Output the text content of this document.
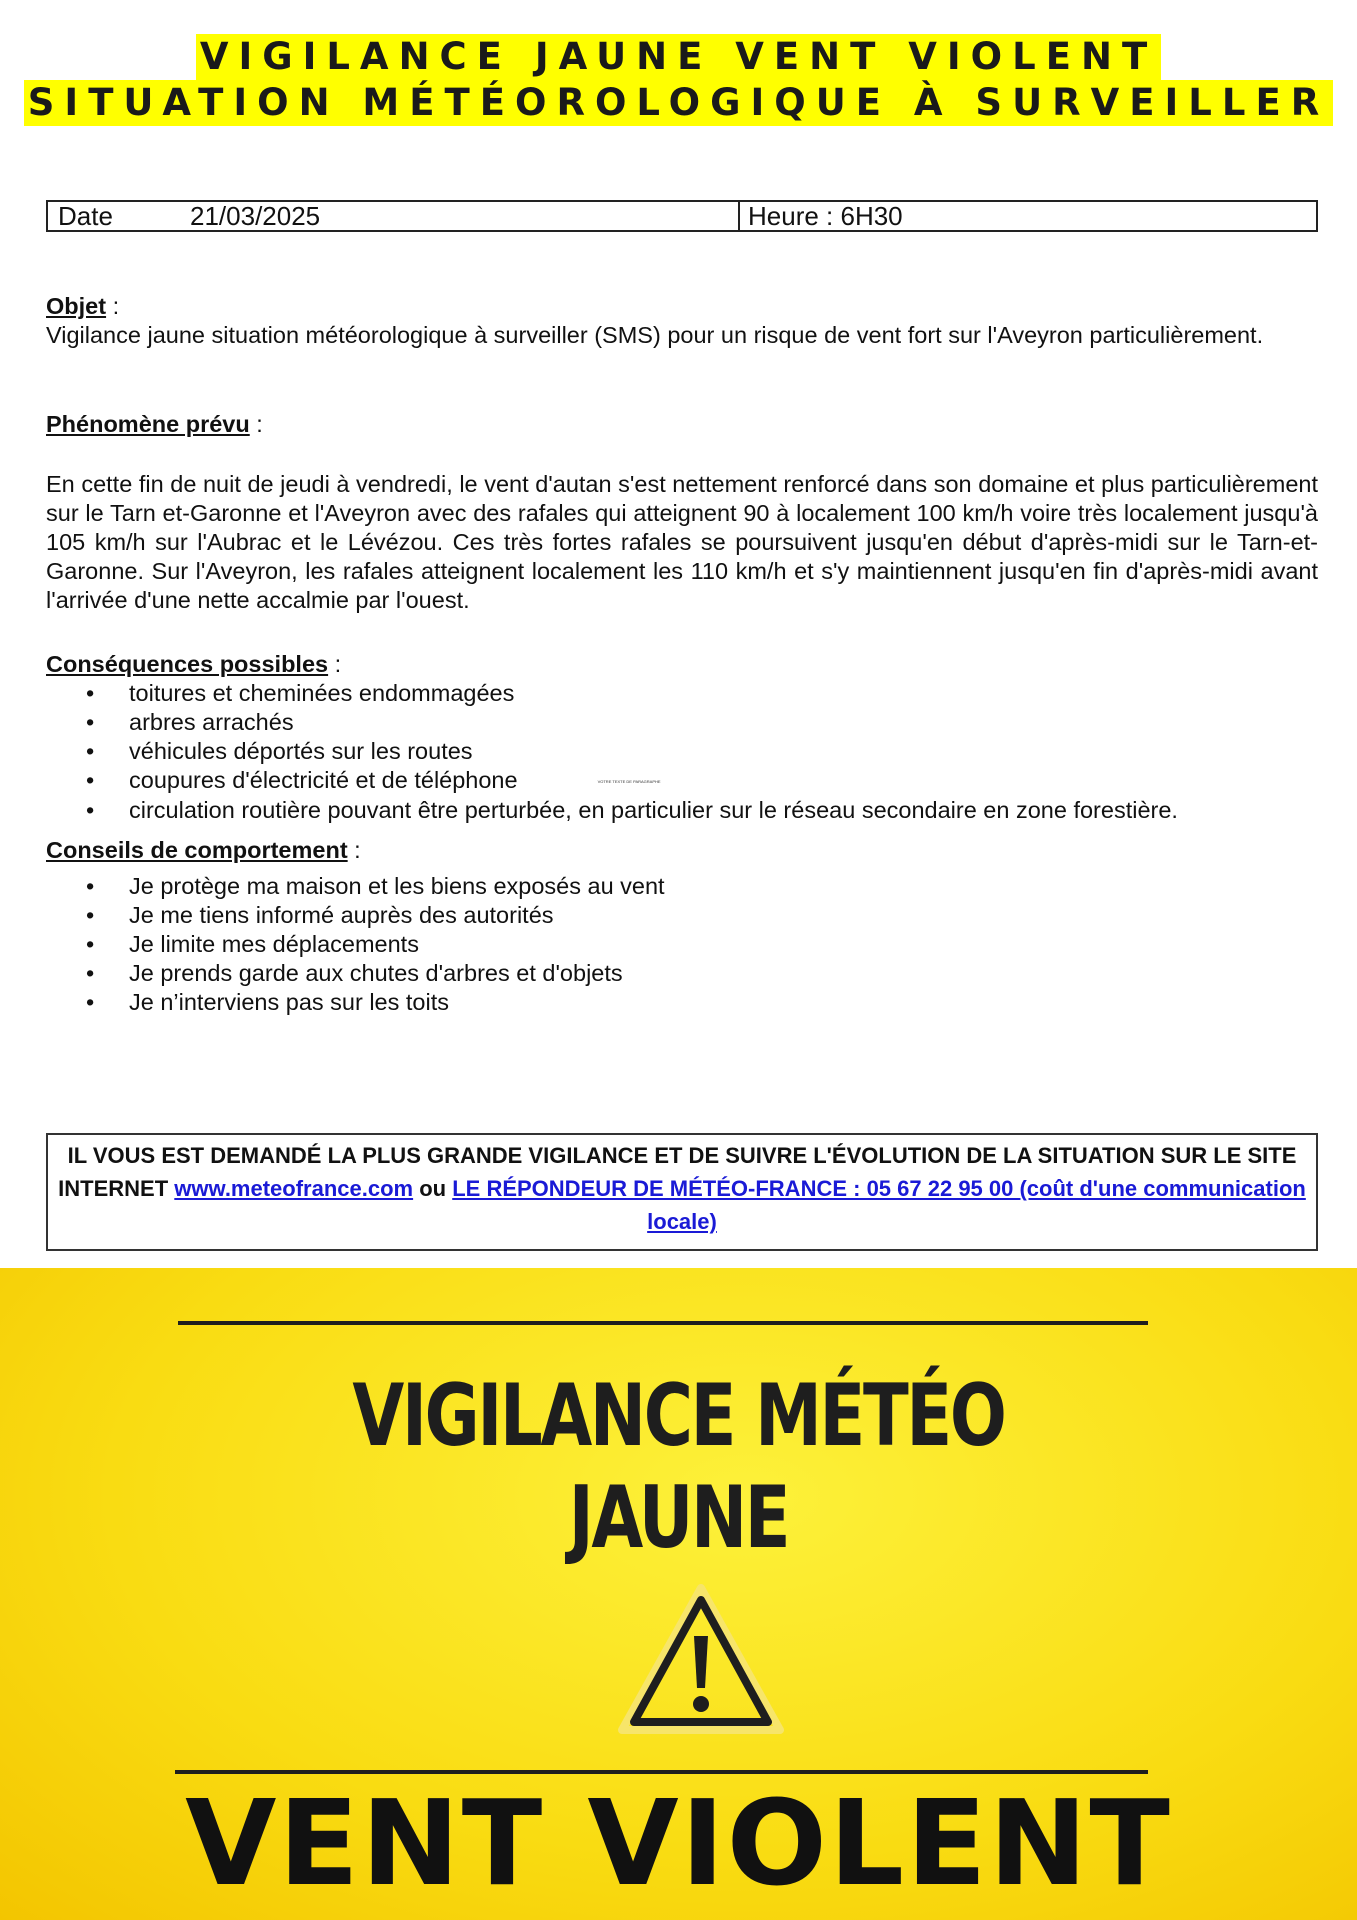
VIGILANCE JAUNE VENT VIOLENT
SITUATION MÉTÉOROLOGIQUE À SURVEILLER
Date	21/03/2025	Heure : 6H30
Objet :
Vigilance jaune situation météorologique à surveiller (SMS) pour un risque de vent fort sur l'Aveyron particulièrement.
Phénomène prévu :
En cette fin de nuit de jeudi à vendredi, le vent d'autan s'est nettement renforcé dans son domaine et plus particulièrement sur le Tarn et-Garonne et l'Aveyron avec des rafales qui atteignent 90 à localement 100 km/h voire très localement jusqu'à 105 km/h sur l'Aubrac et le Lévézou. Ces très fortes rafales se poursuivent jusqu'en début d'après-midi sur le Tarn-et-Garonne. Sur l'Aveyron, les rafales atteignent localement les 110 km/h et s'y maintiennent jusqu'en fin d'après-midi avant l'arrivée d'une nette accalmie par l'ouest.
Conséquences possibles :
• toitures et cheminées endommagées
• arbres arrachés
• véhicules déportés sur les routes
• coupures d'électricité et de téléphone	VOTRE TEXTE DE PARAGRAPHE
• circulation routière pouvant être perturbée, en particulier sur le réseau secondaire en zone forestière.
Conseils de comportement :
• Je protège ma maison et les biens exposés au vent
• Je me tiens informé auprès des autorités
• Je limite mes déplacements
• Je prends garde aux chutes d'arbres et d'objets
• Je n’interviens pas sur les toits
IL VOUS EST DEMANDÉ LA PLUS GRANDE VIGILANCE ET DE SUIVRE L'ÉVOLUTION DE LA SITUATION SUR LE SITE INTERNET www.meteofrance.com ou LE RÉPONDEUR DE MÉTÉO-FRANCE : 05 67 22 95 00 (coût d'une communication locale)
VIGILANCE MÉTÉO
JAUNE
VENT VIOLENT
